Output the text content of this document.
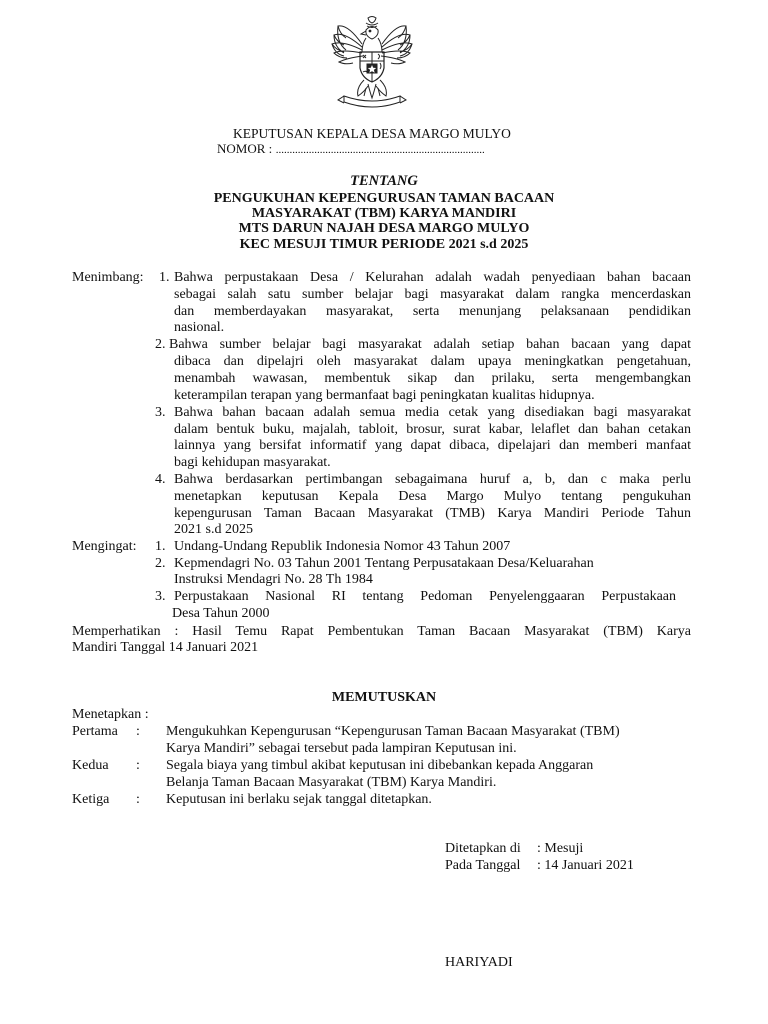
KEPUTUSAN KEPALA DESA MARGO MULYO
NOMOR : ............................................................................
TENTANG
PENGUKUHAN KEPENGURUSAN TAMAN BACAAN
MASYARAKAT (TBM) KARYA MANDIRI
MTS DARUN NAJAH DESA MARGO MULYO
KEC MESUJI TIMUR PERIODE 2021 s.d 2025
Menimbang: 1. Bahwa perpustakaan Desa / Kelurahan adalah wadah penyediaan bahan bacaan
sebagai salah satu sumber belajar bagi masyarakat dalam rangka mencerdaskan
dan memberdayakan masyarakat, serta menunjang pelaksanaan pendidikan
nasional.
2. Bahwa sumber belajar bagi masyarakat adalah setiap bahan bacaan yang dapat
dibaca dan dipelajri oleh masyarakat dalam upaya meningkatkan pengetahuan,
menambah wawasan, membentuk sikap dan prilaku, serta mengembangkan
keterampilan terapan yang bermanfaat bagi peningkatan kualitas hidupnya.
3. Bahwa bahan bacaan adalah semua media cetak yang disediakan bagi masyarakat
dalam bentuk buku, majalah, tabloit, brosur, surat kabar, lelaflet dan bahan cetakan
lainnya yang bersifat informatif yang dapat dibaca, dipelajari dan memberi manfaat
bagi kehidupan masyarakat.
4. Bahwa berdasarkan pertimbangan sebagaimana huruf a, b, dan c maka perlu
menetapkan keputusan Kepala Desa Margo Mulyo tentang pengukuhan
kepengurusan Taman Bacaan Masyarakat (TMB) Karya Mandiri Periode Tahun
2021 s.d 2025
Mengingat: 1. Undang-Undang Republik Indonesia Nomor 43 Tahun 2007
2. Kepmendagri No. 03 Tahun 2001 Tentang Perpusatakaan Desa/Keluarahan
Instruksi Mendagri No. 28 Th 1984
3. Perpustakaan Nasional RI tentang Pedoman Penyelenggaaran Perpustakaan
Desa Tahun 2000
Memperhatikan : Hasil Temu Rapat Pembentukan Taman Bacaan Masyarakat (TBM) Karya
Mandiri Tanggal 14 Januari 2021
MEMUTUSKAN
Menetapkan :
Pertama : Mengukuhkan Kepengurusan “Kepengurusan Taman Bacaan Masyarakat (TBM)
Karya Mandiri” sebagai tersebut pada lampiran Keputusan ini.
Kedua : Segala biaya yang timbul akibat keputusan ini dibebankan kepada Anggaran
Belanja Taman Bacaan Masyarakat (TBM) Karya Mandiri.
Ketiga : Keputusan ini berlaku sejak tanggal ditetapkan.
Ditetapkan di : Mesuji
Pada Tanggal : 14 Januari 2021
HARIYADI
